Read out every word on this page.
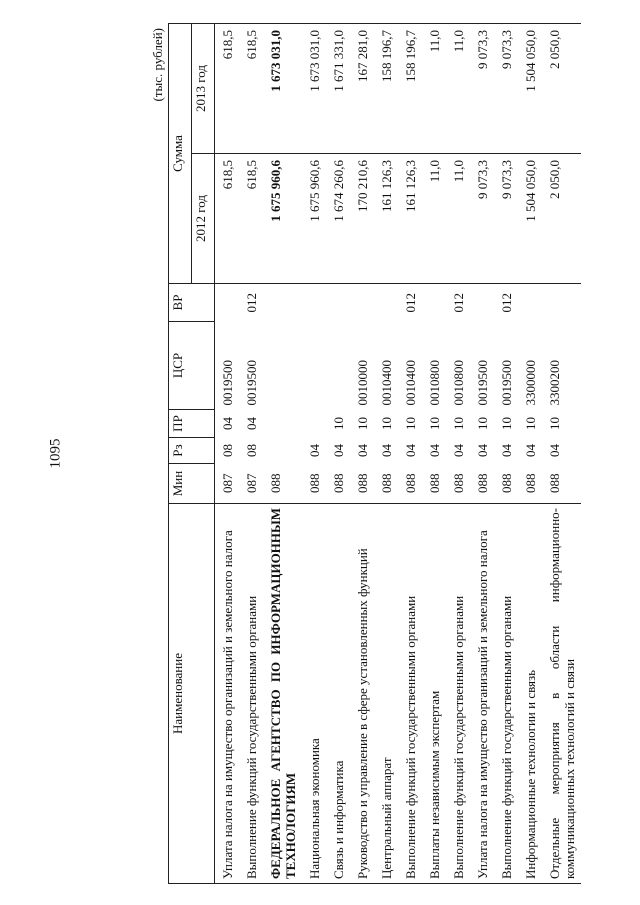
1095
(тыс. рублей)
Наименование	Мин	Рз	ПР	ЦСР	ВР	Сумма	
						2012 год	2013 год
Уплата налога на имущество организаций и земельного налога	087	08	04	0019500		618,5	618,5
Выполнение функций государственными органами	087	08	04	0019500	012	618,5	618,5
ФЕДЕРАЛЬНОЕ АГЕНТСТВО ПО ИНФОРМАЦИОННЫМ ТЕХНОЛОГИЯМ	088					1 675 960,6	1 673 031,0
Национальная экономика	088	04				1 675 960,6	1 673 031,0
Связь и информатика	088	04	10			1 674 260,6	1 671 331,0
Руководство и управление в сфере установленных функций	088	04	10	0010000		170 210,6	167 281,0
Центральный аппарат	088	04	10	0010400		161 126,3	158 196,7
Выполнение функций государственными органами	088	04	10	0010400	012	161 126,3	158 196,7
Выплаты независимым экспертам	088	04	10	0010800		11,0	11,0
Выполнение функций государственными органами	088	04	10	0010800	012	11,0	11,0
Уплата налога на имущество организаций и земельного налога	088	04	10	0019500		9 073,3	9 073,3
Выполнение функций государственными органами	088	04	10	0019500	012	9 073,3	9 073,3
Информационные технологии и связь	088	04	10	3300000		1 504 050,0	1 504 050,0
Отдельные мероприятия в области информационно-коммуникационных технологий и связи	088	04	10	3300200		2 050,0	2 050,0
